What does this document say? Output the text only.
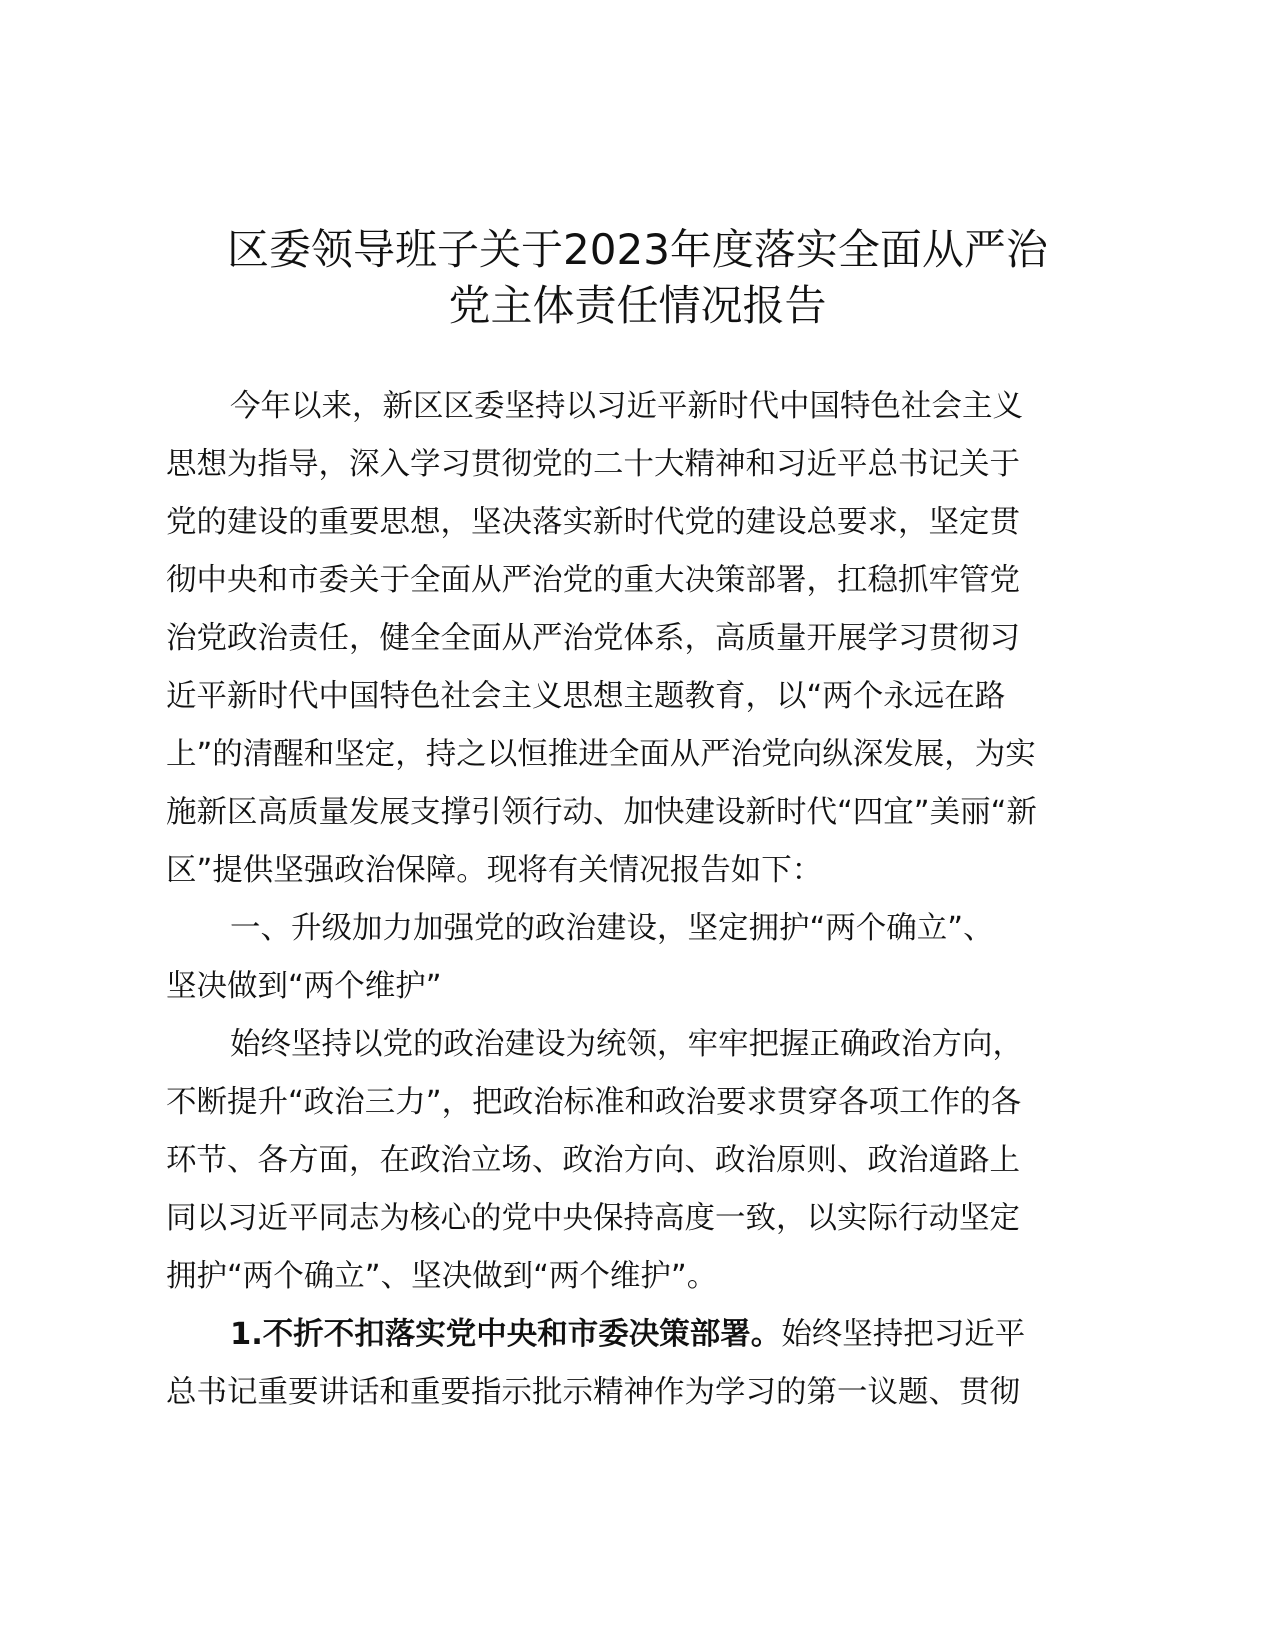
区委领导班子关于2023年度落实全面从严治
党主体责任情况报告
今年以来，新区区委坚持以习近平新时代中国特色社会主义
思想为指导，深入学习贯彻党的二十大精神和习近平总书记关于
党的建设的重要思想，坚决落实新时代党的建设总要求，坚定贯
彻中央和市委关于全面从严治党的重大决策部署，扛稳抓牢管党
治党政治责任，健全全面从严治党体系，高质量开展学习贯彻习
近平新时代中国特色社会主义思想主题教育，以“两个永远在路
上”的清醒和坚定，持之以恒推进全面从严治党向纵深发展，为实
施新区高质量发展支撑引领行动、加快建设新时代“四宜”美丽“新
区”提供坚强政治保障。现将有关情况报告如下：
一、升级加力加强党的政治建设，坚定拥护“两个确立”、
坚决做到“两个维护”
始终坚持以党的政治建设为统领，牢牢把握正确政治方向，
不断提升“政治三力”，把政治标准和政治要求贯穿各项工作的各
环节、各方面，在政治立场、政治方向、政治原则、政治道路上
同以习近平同志为核心的党中央保持高度一致，以实际行动坚定
拥护“两个确立”、坚决做到“两个维护”。
1.不折不扣落实党中央和市委决策部署。始终坚持把习近平
总书记重要讲话和重要指示批示精神作为学习的第一议题、贯彻
